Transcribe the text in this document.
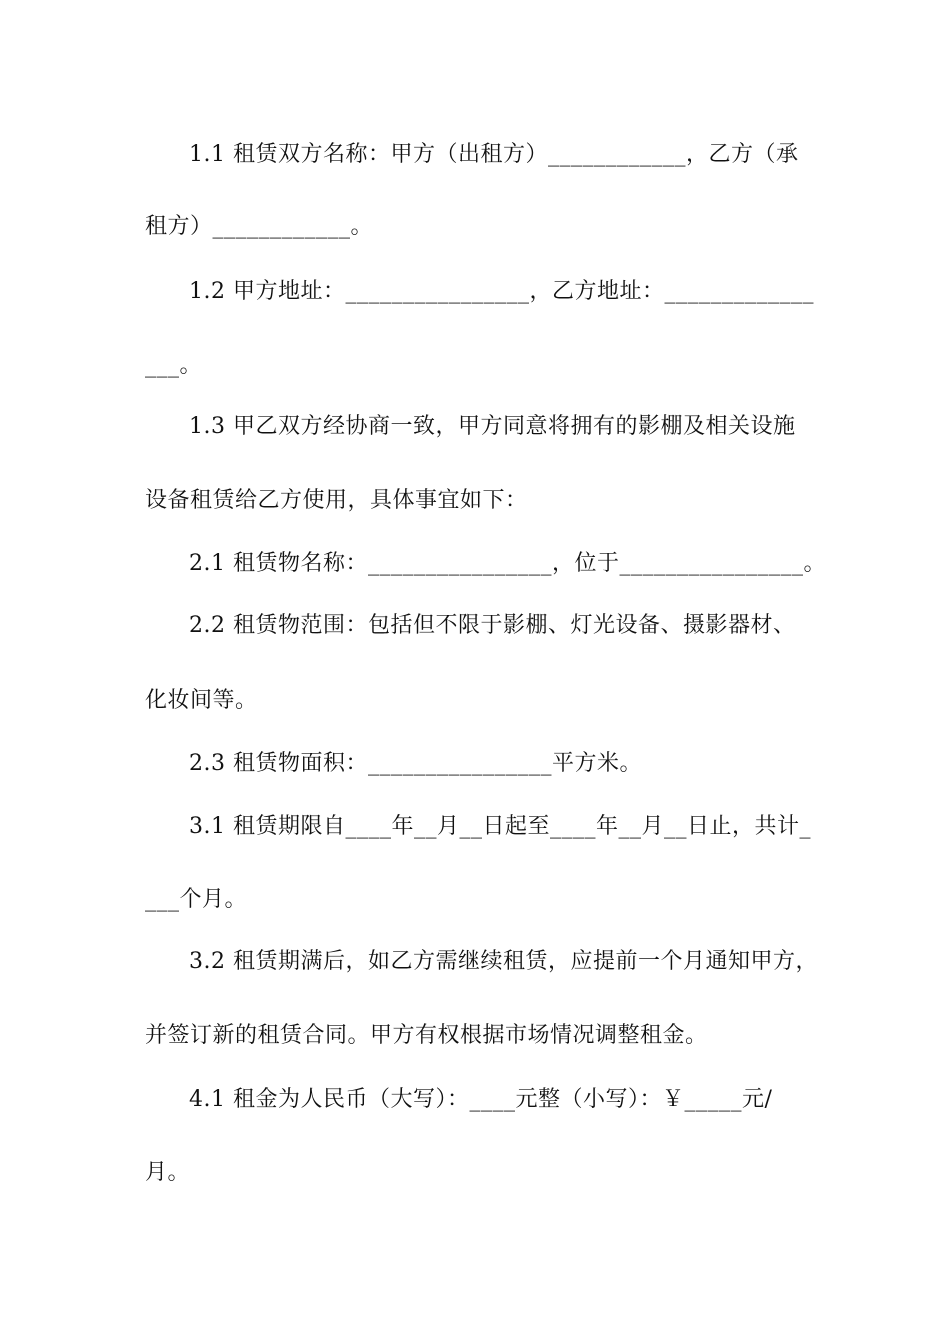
1.1 租赁双方名称：甲方（出租方）____________，乙方（承
租方）____________。
1.2 甲方地址：________________，乙方地址：_____________
___。
1.3 甲乙双方经协商一致，甲方同意将拥有的影棚及相关设施
设备租赁给乙方使用，具体事宜如下：
2.1 租赁物名称：________________，位于________________。
2.2 租赁物范围：包括但不限于影棚、灯光设备、摄影器材、
化妆间等。
2.3 租赁物面积：________________平方米。
3.1 租赁期限自____年__月__日起至____年__月__日止，共计_
___个月。
3.2 租赁期满后，如乙方需继续租赁，应提前一个月通知甲方，
并签订新的租赁合同。甲方有权根据市场情况调整租金。
4.1 租金为人民币（大写）：____元整（小写）：￥_____元/
月。
